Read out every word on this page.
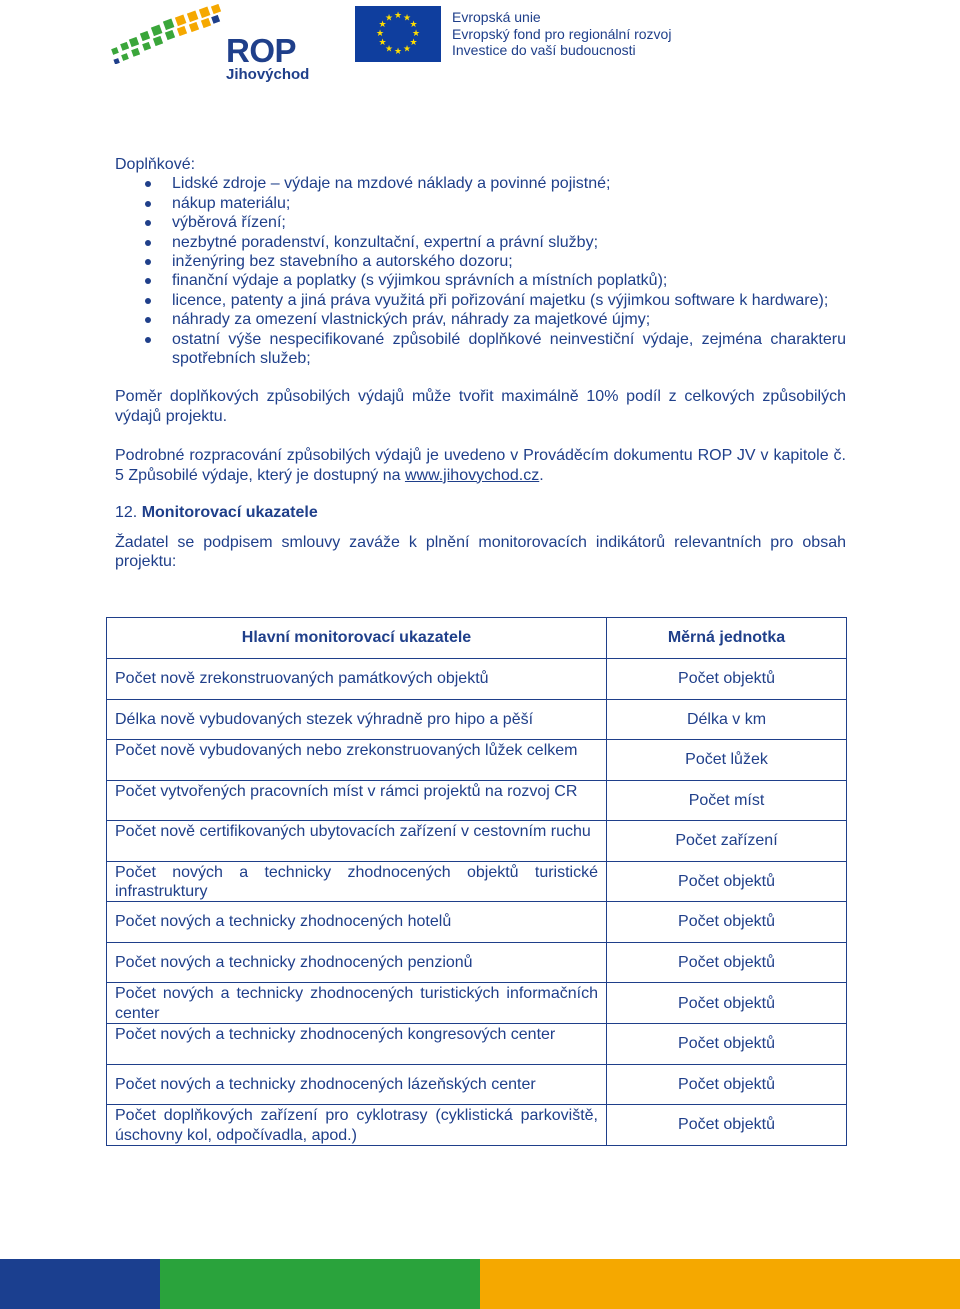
ROP
Jihovýchod
★ ★
★
★
★
★
★
★
★
★
★
★	Evropská unie
Evropský fond pro regionální rozvoj
Investice do vaší budoucnosti

Doplňkové:

Lidské zdroje – výdaje na mzdové náklady a povinné pojistné;
nákup materiálu;
výběrová řízení;
nezbytné poradenství, konzultační, expertní a právní služby;
inženýring bez stavebního a autorského dozoru;
finanční výdaje a poplatky (s výjimkou správních a místních poplatků);
licence, patenty a jiná práva využitá při pořizování majetku (s výjimkou software k hardware);
náhrady za omezení vlastnických práv, náhrady za majetkové újmy;
ostatní výše nespecifikované způsobilé doplňkové neinvestiční výdaje, zejména charakteru spotřebních služeb;

Poměr doplňkových způsobilých výdajů může tvořit maximálně 10% podíl z celkových způsobilých výdajů projektu.

Podrobné rozpracování způsobilých výdajů je uvedeno v Prováděcím dokumentu ROP JV v kapitole č. 5 Způsobilé výdaje, který je dostupný na www.jihovychod.cz.

12. Monitorovací ukazatele

Žadatel se podpisem smlouvy zaváže k plnění monitorovacích indikátorů relevantních pro obsah projektu:

Hlavní monitorovací ukazatele	Měrná jednotka
Počet nově zrekonstruovaných památkových objektů	Počet objektů
Délka nově vybudovaných stezek výhradně pro hipo a pěší	Délka v km
Počet nově vybudovaných nebo zrekonstruovaných lůžek celkem	Počet lůžek
Počet vytvořených pracovních míst v rámci projektů na rozvoj CR	Počet míst
Počet nově certifikovaných ubytovacích zařízení v cestovním ruchu	Počet zařízení
Počet nových a technicky zhodnocených objektů turistické infrastruktury	Počet objektů
Počet nových a technicky zhodnocených hotelů	Počet objektů
Počet nových a technicky zhodnocených penzionů	Počet objektů
Počet nových a technicky zhodnocených turistických informačních center	Počet objektů
Počet nových a technicky zhodnocených kongresových center	Počet objektů
Počet nových a technicky zhodnocených lázeňských center	Počet objektů
Počet doplňkových zařízení pro cyklotrasy (cyklistická parkoviště, úschovny kol, odpočívadla, apod.)	Počet objektů
